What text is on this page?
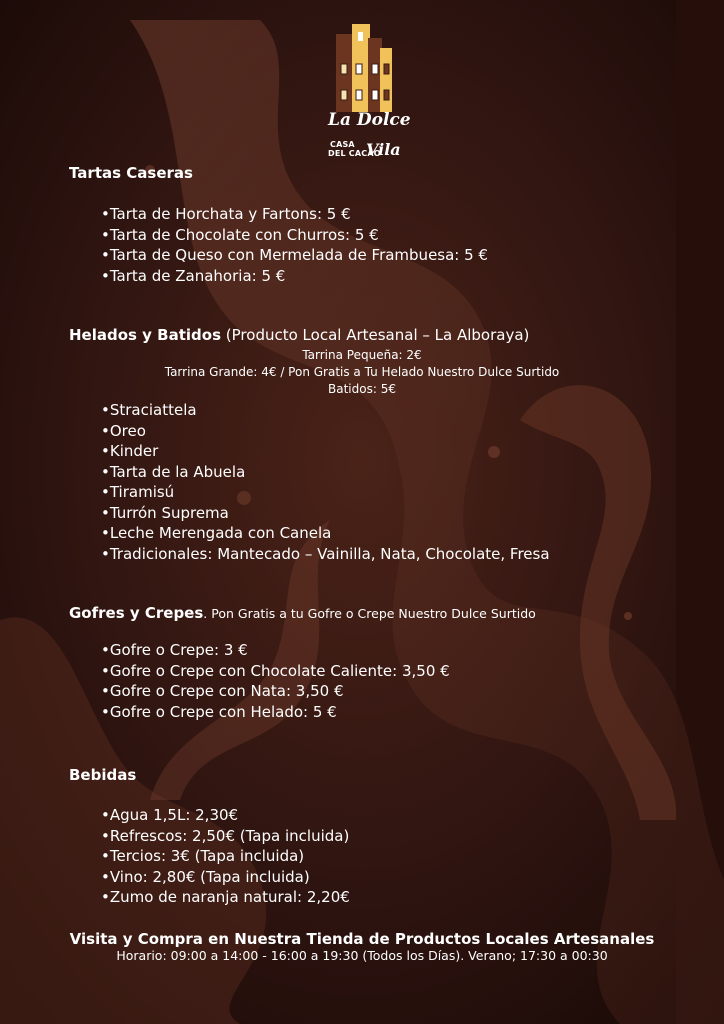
La Dolce
CASA
DEL CACAO
Vila
Tartas Caseras
• Tarta de Horchata y Fartons: 5 €
• Tarta de Chocolate con Churros: 5 €
• Tarta de Queso con Mermelada de Frambuesa: 5 €
• Tarta de Zanahoria: 5 €
Helados y Batidos (Producto Local Artesanal – La Alboraya)
Tarrina Pequeña: 2€
Tarrina Grande: 4€ / Pon Gratis a Tu Helado Nuestro Dulce Surtido
Batidos: 5€
• Straciattela
• Oreo
• Kinder
• Tarta de la Abuela
• Tiramisú
• Turrón Suprema
• Leche Merengada con Canela
• Tradicionales: Mantecado – Vainilla, Nata, Chocolate, Fresa
Gofres y Crepes. Pon Gratis a tu Gofre o Crepe Nuestro Dulce Surtido
• Gofre o Crepe: 3 €
• Gofre o Crepe con Chocolate Caliente: 3,50 €
• Gofre o Crepe con Nata: 3,50 €
• Gofre o Crepe con Helado: 5 €
Bebidas
• Agua 1,5L: 2,30€
• Refrescos: 2,50€ (Tapa incluida)
• Tercios: 3€ (Tapa incluida)
• Vino: 2,80€ (Tapa incluida)
• Zumo de naranja natural: 2,20€
Visita y Compra en Nuestra Tienda de Productos Locales Artesanales
Horario: 09:00 a 14:00 - 16:00 a 19:30 (Todos los Días). Verano; 17:30 a 00:30
